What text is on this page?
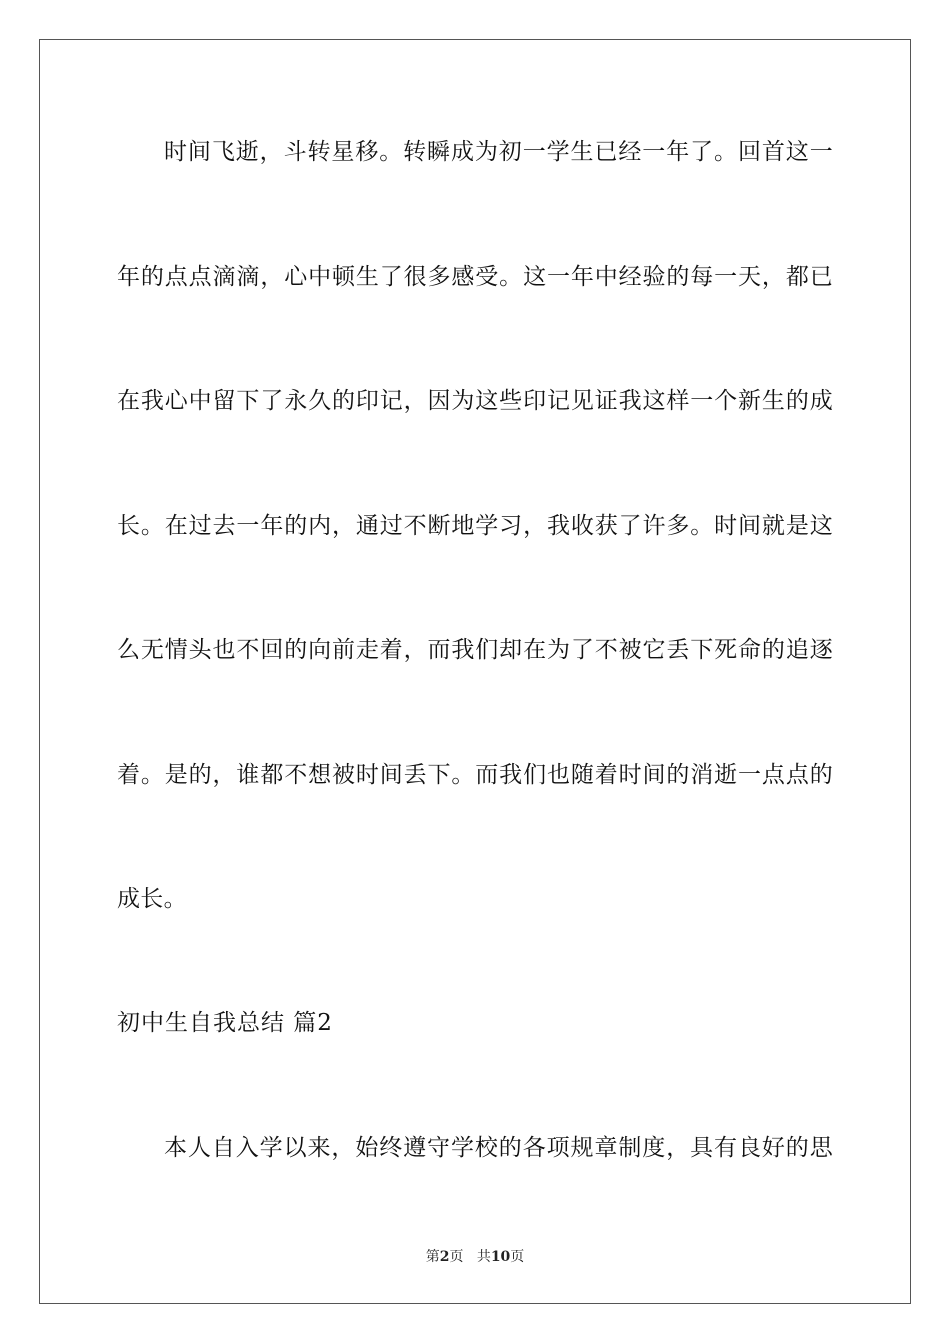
时间飞逝，斗转星移。转瞬成为初一学生已经一年了。回首这一
年的点点滴滴，心中顿生了很多感受。这一年中经验的每一天，都已
在我心中留下了永久的印记，因为这些印记见证我这样一个新生的成
长。在过去一年的内，通过不断地学习，我收获了许多。时间就是这
么无情头也不回的向前走着，而我们却在为了不被它丢下死命的追逐
着。是的，谁都不想被时间丢下。而我们也随着时间的消逝一点点的
成长。
初中生自我总结 篇2
本人自入学以来，始终遵守学校的各项规章制度，具有良好的思
第2页 共10页
